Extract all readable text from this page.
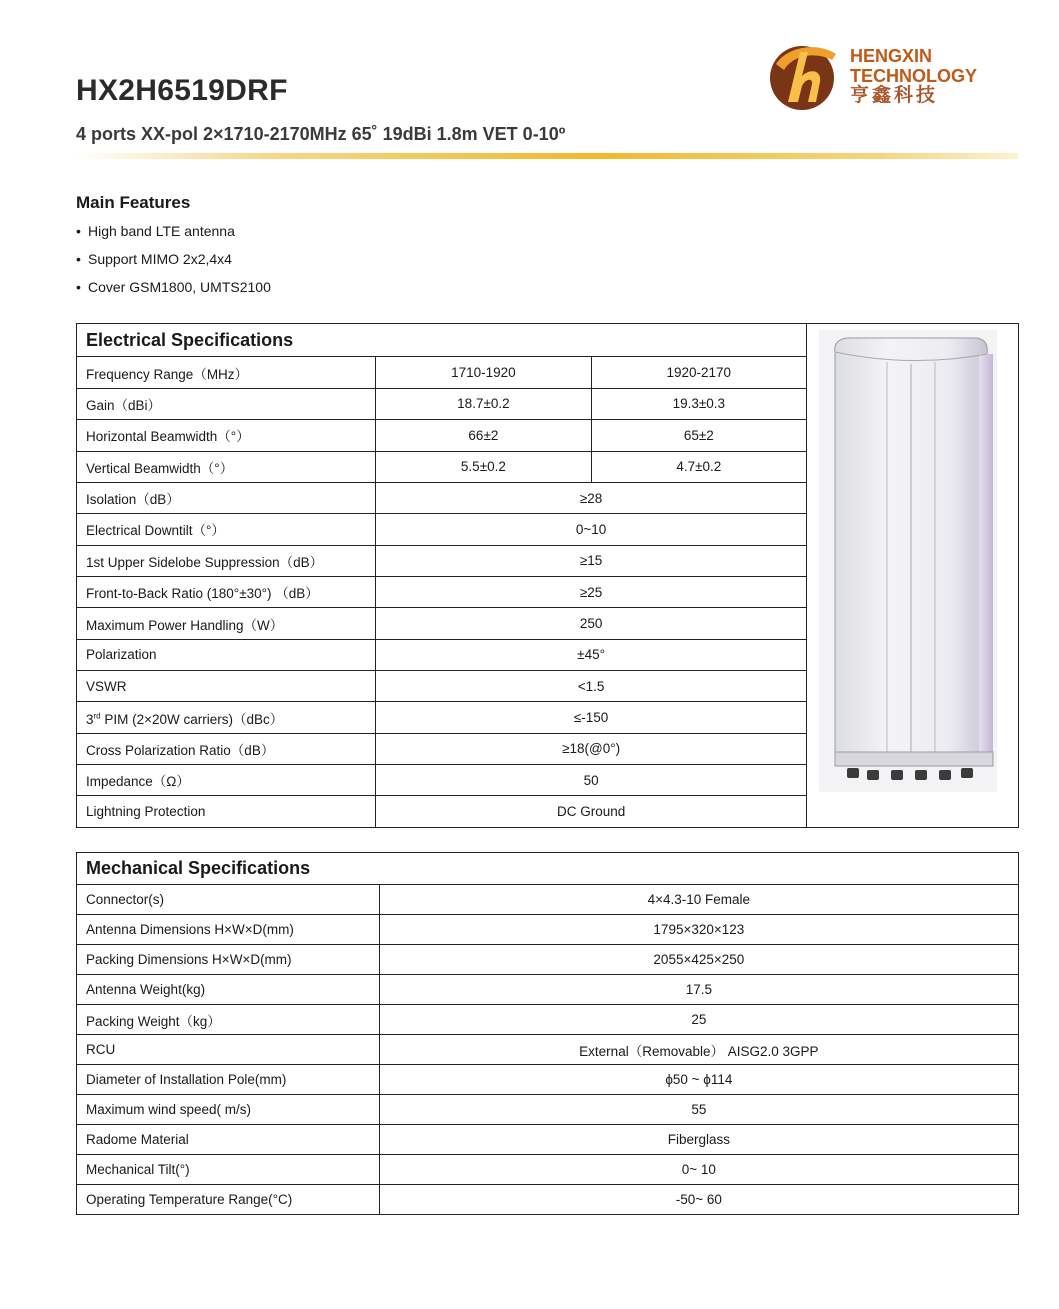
HX2H6519DRF
4 ports XX-pol 2×1710-2170MHz 65˚ 19dBi 1.8m VET 0-10º
HENGXIN
TECHNOLOGY
亨鑫科技
Main Features
• High band LTE antenna
• Support MIMO 2x2,4x4
• Cover GSM1800, UMTS2100
Electrical Specifications	
Frequency Range（MHz）	1710-1920	1920-2170	
Gain（dBi）	18.7±0.2	19.3±0.3	
Horizontal Beamwidth（°）	66±2	65±2	
Vertical Beamwidth（°）	5.5±0.2	4.7±0.2	
Isolation（dB）	≥28		
Electrical Downtilt（°）	0~10		
1st Upper Sidelobe Suppression（dB）	≥15		
Front-to-Back Ratio (180°±30°) （dB）	≥25		
Maximum Power Handling（W）	250		
Polarization	±45°		
VSWR	<1.5		
3rd PIM (2×20W carriers)（dBc）	≤-150		
Cross Polarization Ratio（dB）	≥18(@0°)		
Impedance（Ω）	50		
Lightning Protection	DC Ground		
Mechanical Specifications	
Connector(s)	4×4.3-10 Female
Antenna Dimensions H×W×D(mm)	1795×320×123
Packing Dimensions H×W×D(mm)	2055×425×250
Antenna Weight(kg)	17.5
Packing Weight（kg）	25
RCU	External（Removable） AISG2.0 3GPP
Diameter of Installation Pole(mm)	ϕ50 ~ ϕ114
Maximum wind speed( m/s)	55
Radome Material	Fiberglass
Mechanical Tilt(°)	0~ 10
Operating Temperature Range(°C)	-50~ 60
